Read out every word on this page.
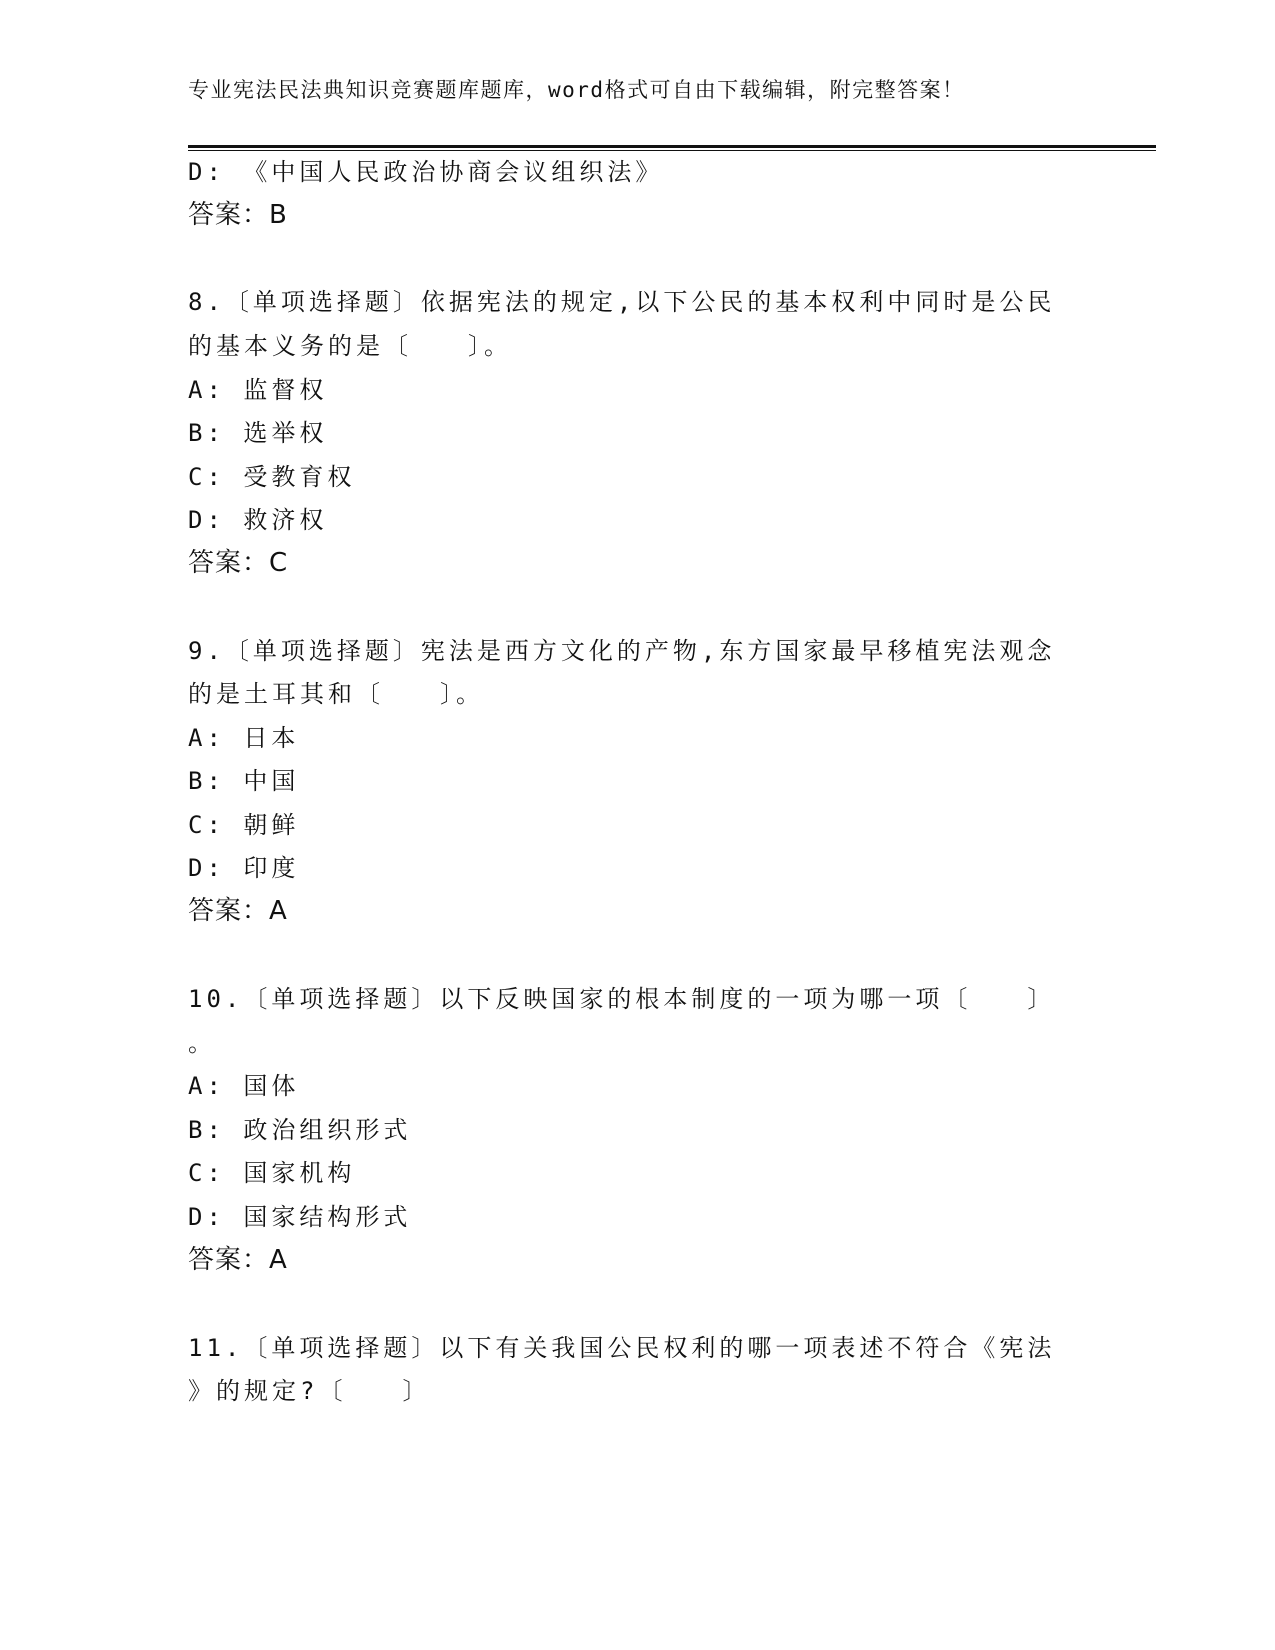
专业宪法民法典知识竞赛题库题库，word格式可自由下载编辑，附完整答案！
D: 《中国人民政治协商会议组织法》
答案：B
8.〔单项选择题〕依据宪法的规定,以下公民的基本权利中同时是公民
的基本义务的是〔　　〕。
A: 监督权
B: 选举权
C: 受教育权
D: 救济权
答案：C
9.〔单项选择题〕宪法是西方文化的产物,东方国家最早移植宪法观念
的是土耳其和〔　　〕。
A: 日本
B: 中国
C: 朝鲜
D: 印度
答案：A
10.〔单项选择题〕以下反映国家的根本制度的一项为哪一项〔　　〕
。
A: 国体
B: 政治组织形式
C: 国家机构
D: 国家结构形式
答案：A
11.〔单项选择题〕以下有关我国公民权利的哪一项表述不符合《宪法
》的规定?〔　　〕
